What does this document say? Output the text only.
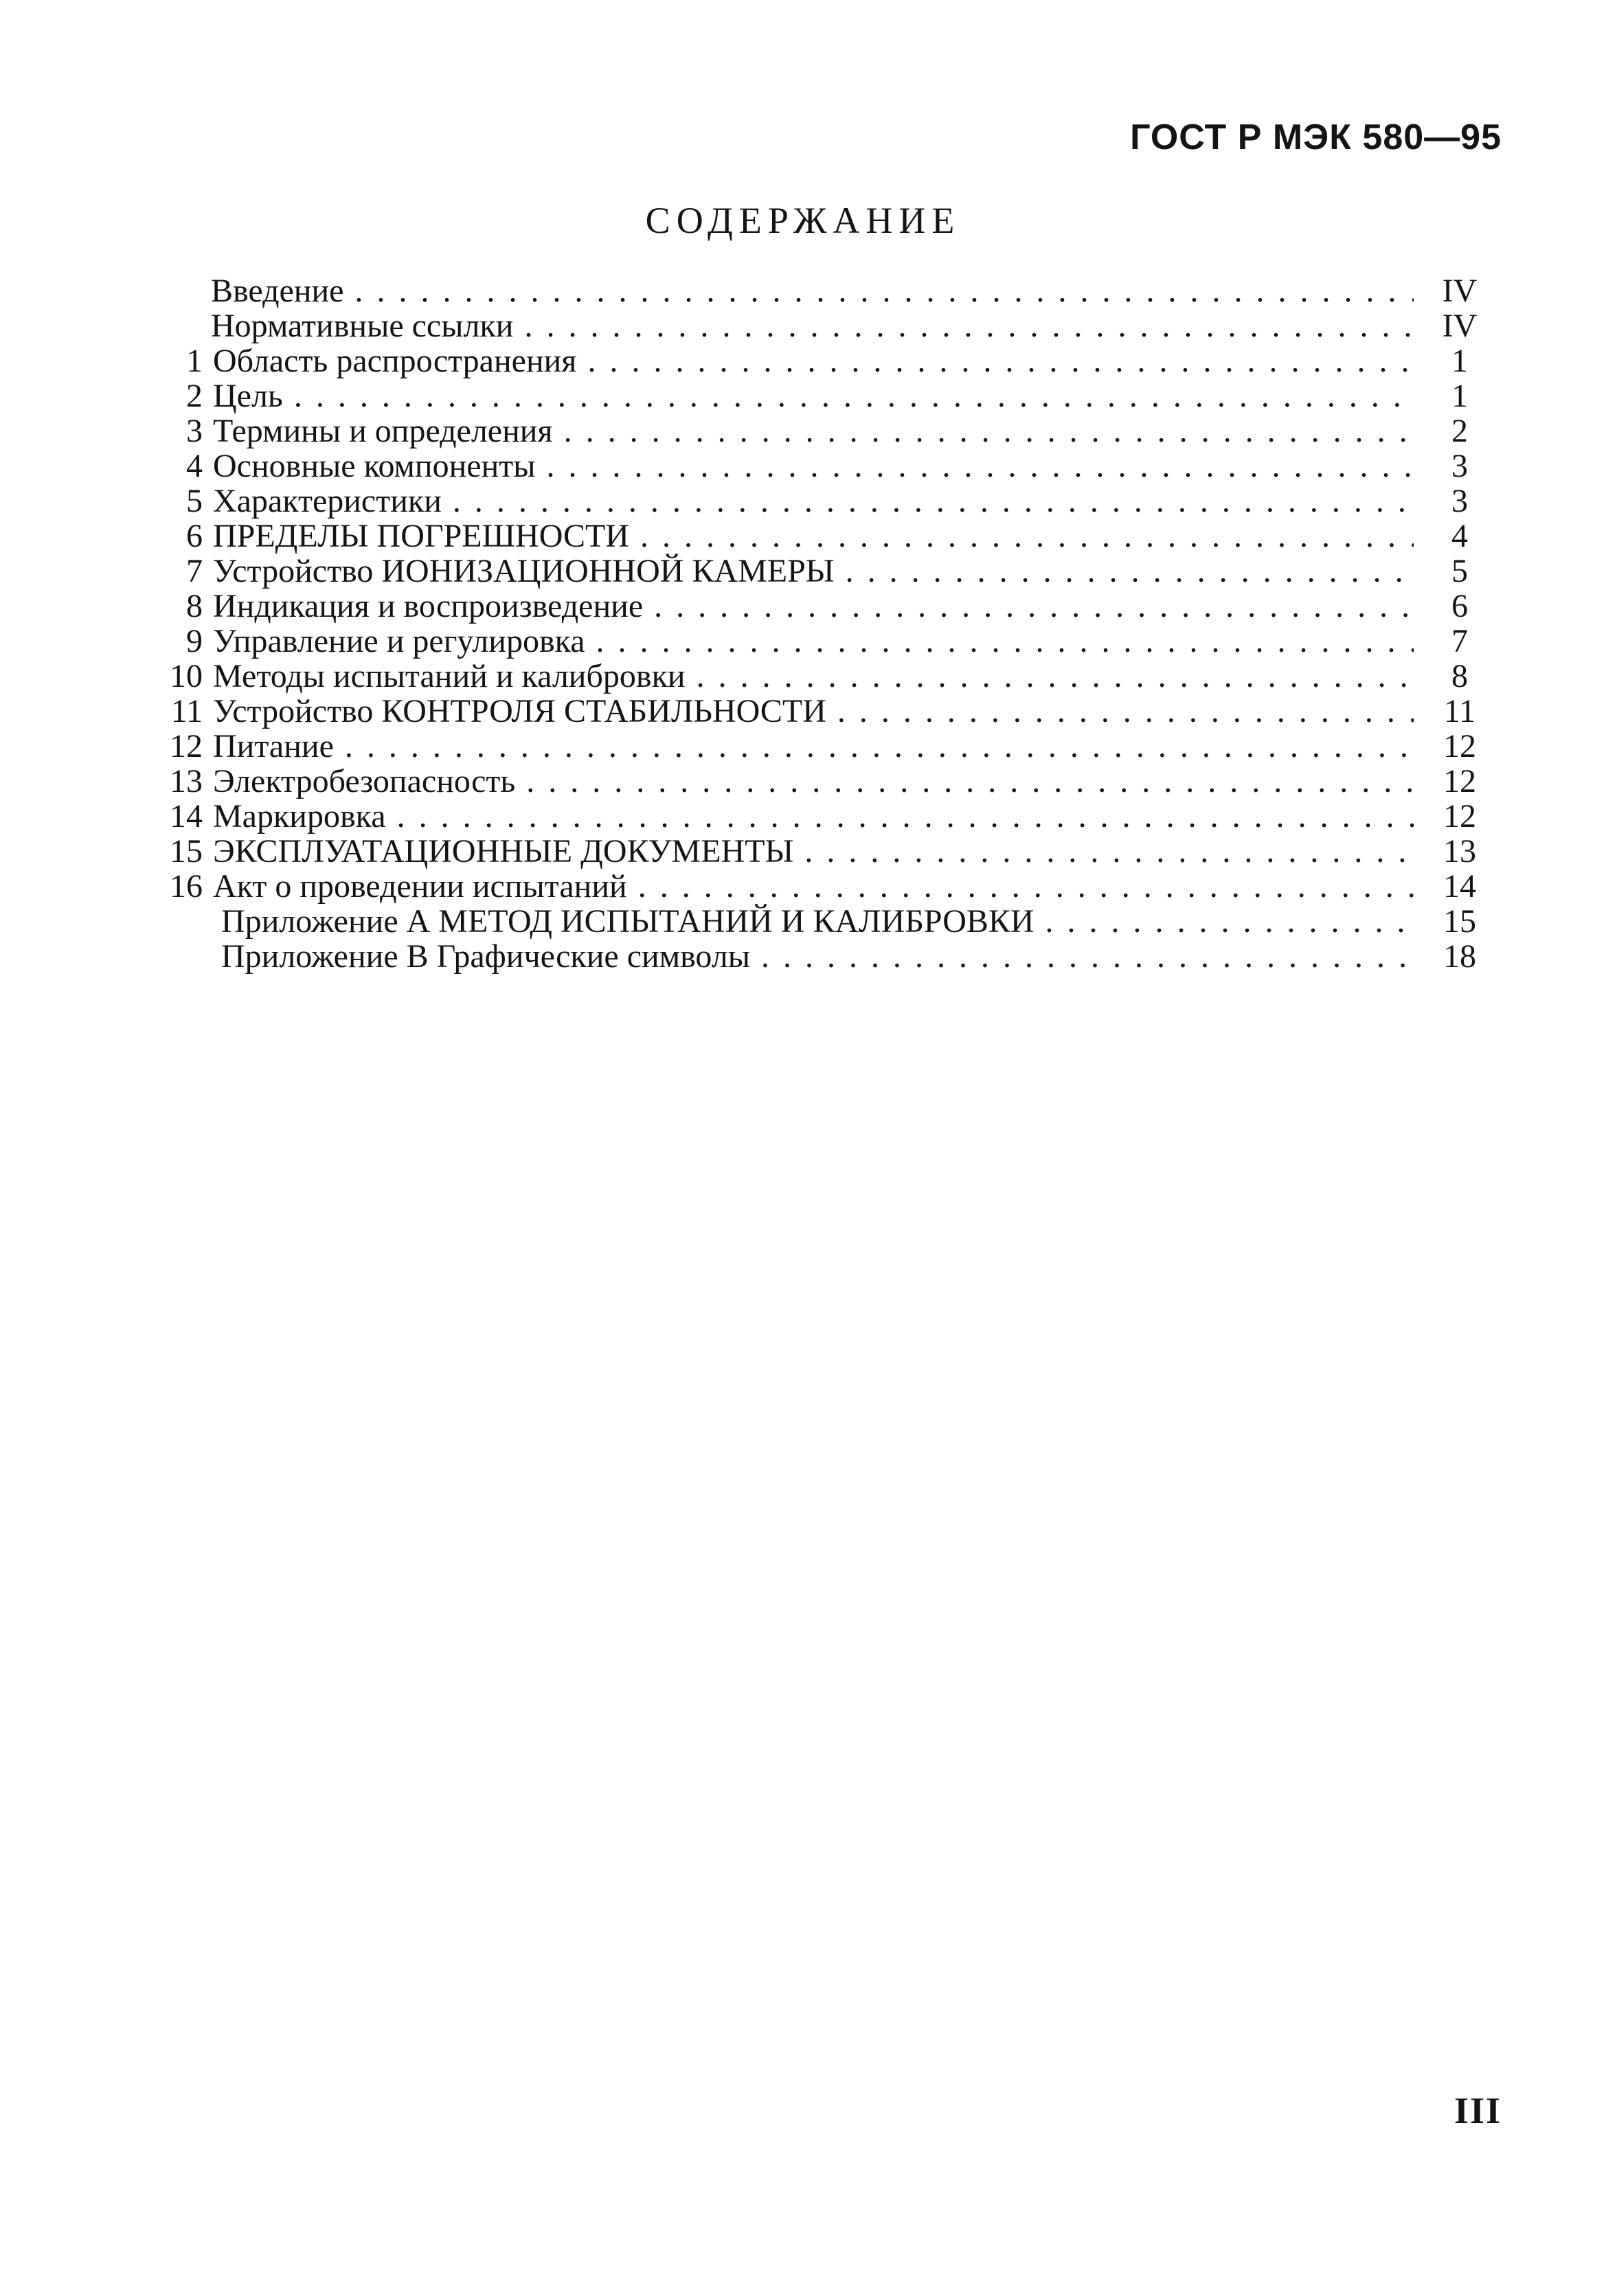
ГОСТ Р МЭК 580—95
СОДЕРЖАНИЕ
Введение . .	IV
Нормативные ссылки . .	IV
1 Область распространения . .	1
2 Цель . .	1
3 Термины и определения . .	2
4 Основные компоненты . .	3
5 Характеристики . .	3
6 ПРЕДЕЛЫ ПОГРЕШНОСТИ . .	4
7 Устройство ИОНИЗАЦИОННОЙ КАМЕРЫ . .	5
8 Индикация и воспроизведение . .	6
9 Управление и регулировка . .	7
10 Методы испытаний и калибровки . .	8
11 Устройство КОНТРОЛЯ СТАБИЛЬНОСТИ . .	11
12 Питание . .	12
13 Электробезопасность . .	12
14 Маркировка . .	12
15 ЭКСПЛУАТАЦИОННЫЕ ДОКУМЕНТЫ . .	13
16 Акт о проведении испытаний . .	14
Приложение А МЕТОД ИСПЫТАНИЙ И КАЛИБРОВКИ . .	15
Приложение В Графические символы . .	18
III
